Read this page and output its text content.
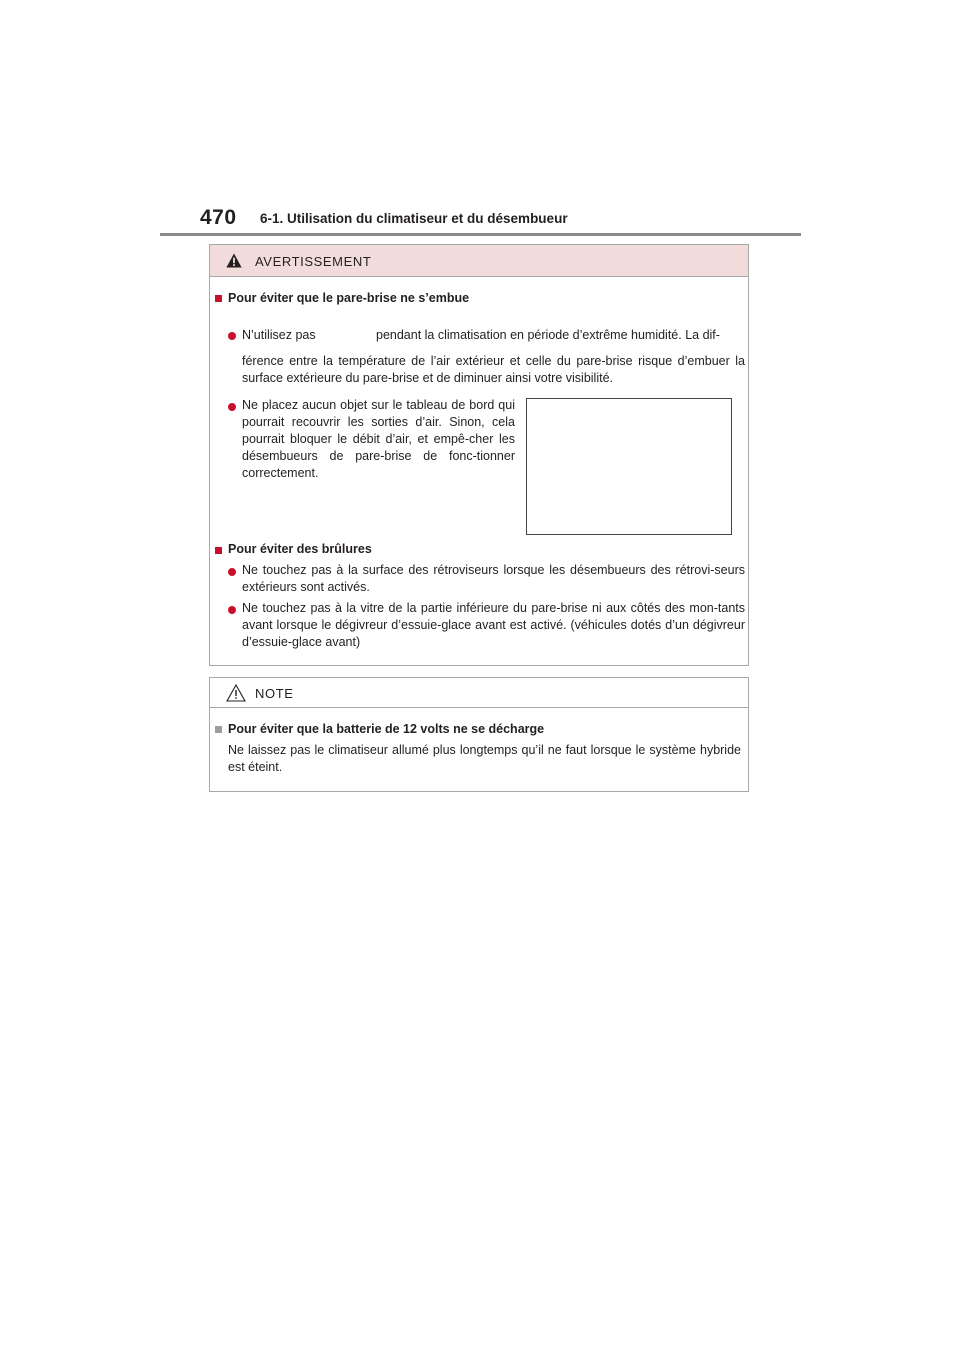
470 6-1. Utilisation du climatiseur et du désembueur
AVERTISSEMENT

Pour éviter que le pare-brise ne s’embue

N’utilisez pas	pendant la climatisation en période d’extrême humidité. La dif-

férence entre la température de l’air extérieur et celle du pare-brise risque d’embuer la surface extérieure du pare-brise et de diminuer ainsi votre visibilité.

Ne placez aucun objet sur le tableau de bord qui pourrait recouvrir les sorties d’air. Sinon, cela pourrait bloquer le débit d’air, et empê-cher les désembueurs de pare-brise de fonc-tionner correctement.

Pour éviter des brûlures

Ne touchez pas à la surface des rétroviseurs lorsque les désembueurs des rétrovi-seurs extérieurs sont activés.

Ne touchez pas à la vitre de la partie inférieure du pare-brise ni aux côtés des mon-tants avant lorsque le dégivreur d’essuie-glace avant est activé. (véhicules dotés d’un dégivreur d’essuie-glace avant)

NOTE

Pour éviter que la batterie de 12 volts ne se décharge

Ne laissez pas le climatiseur allumé plus longtemps qu’il ne faut lorsque le système hybride est éteint.
